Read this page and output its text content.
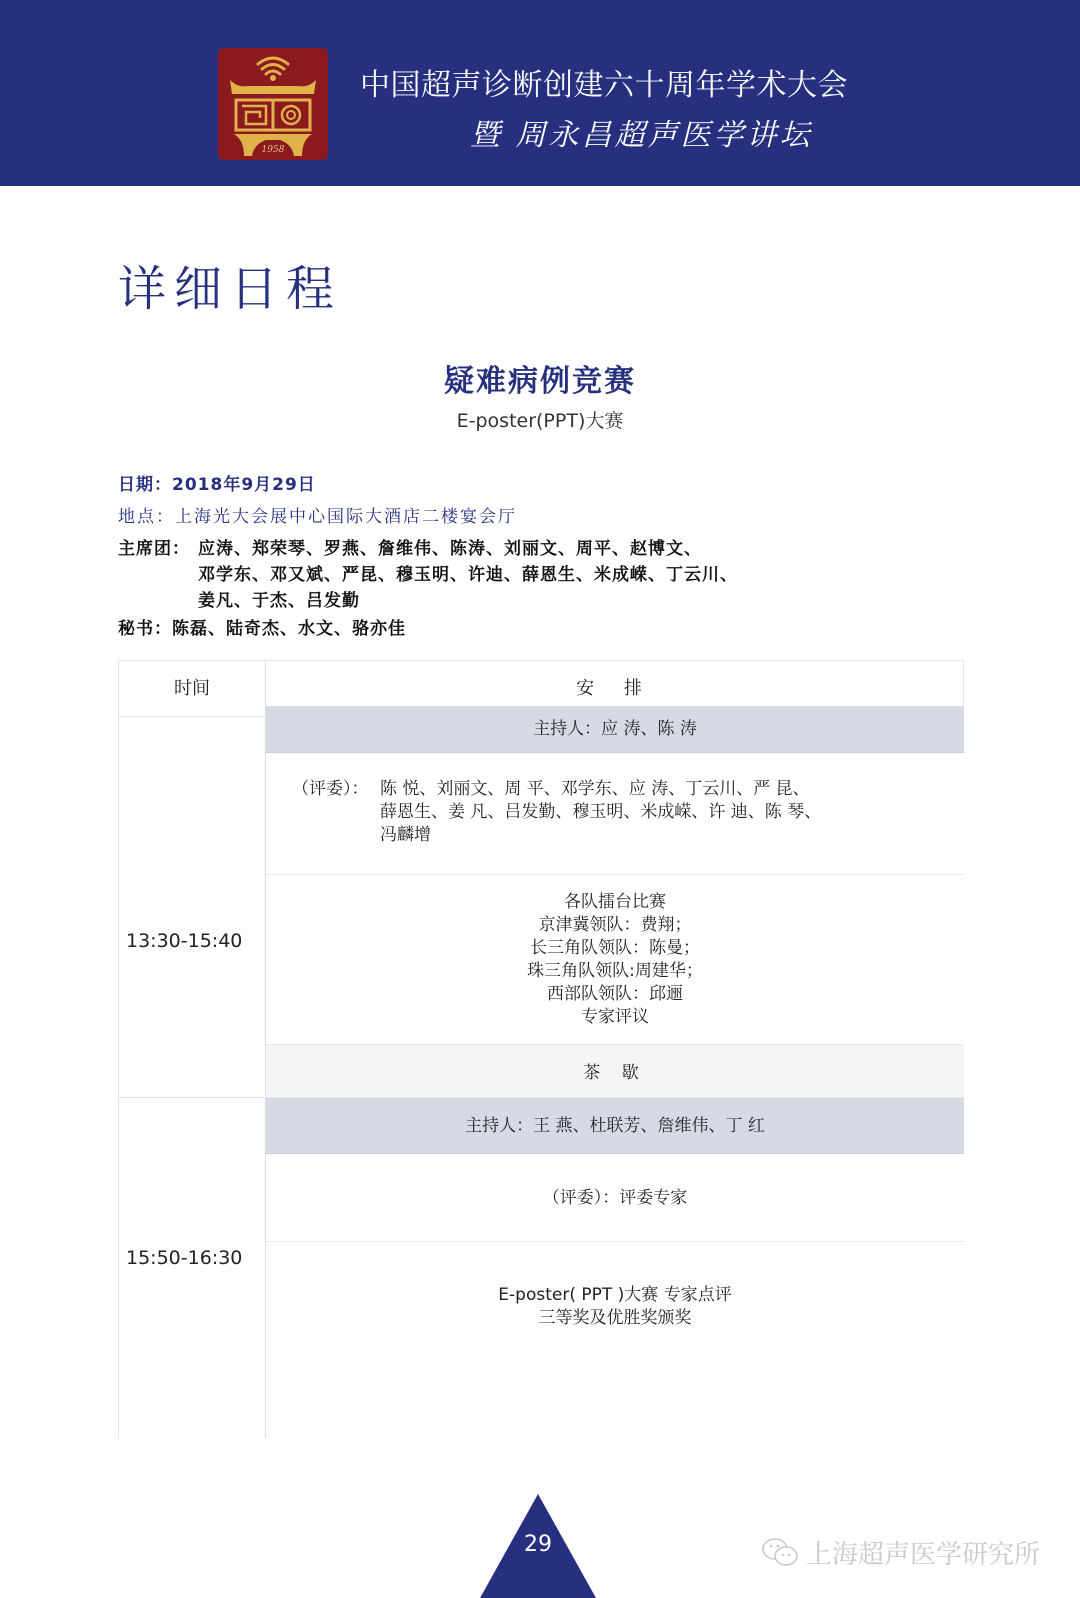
1958
中国超声诊断创建六十周年学术大会
暨 周永昌超声医学讲坛
详细日程
疑难病例竞赛
E-poster(PPT)大赛
日期：2018年9月29日
地点：上海光大会展中心国际大酒店二楼宴会厅
主席团： 应涛、郑荣琴、罗燕、詹维伟、陈涛、刘丽文、周平、赵博文、
邓学东、邓又斌、严昆、穆玉明、许迪、薛恩生、米成嵘、丁云川、
姜凡、于杰、吕发勤
秘书：陈磊、陆奇杰、水文、骆亦佳
时间	安 排
13:30-15:40
主持人：应 涛、陈 涛
（评委）： 陈 悦、刘丽文、周 平、邓学东、应 涛、丁云川、严 昆、
薛恩生、姜 凡、吕发勤、穆玉明、米成嵘、许 迪、陈 琴、
冯麟增
各队擂台比赛
京津冀领队：费翔；
长三角队领队：陈曼；
珠三角队领队:周建华；
西部队领队：邱逦
专家评议
茶 歇
15:50-16:30
主持人：王 燕、杜联芳、詹维伟、丁 红
（评委）：评委专家
E-poster( PPT )大赛 专家点评
三等奖及优胜奖颁奖
29	上海超声医学研究所
